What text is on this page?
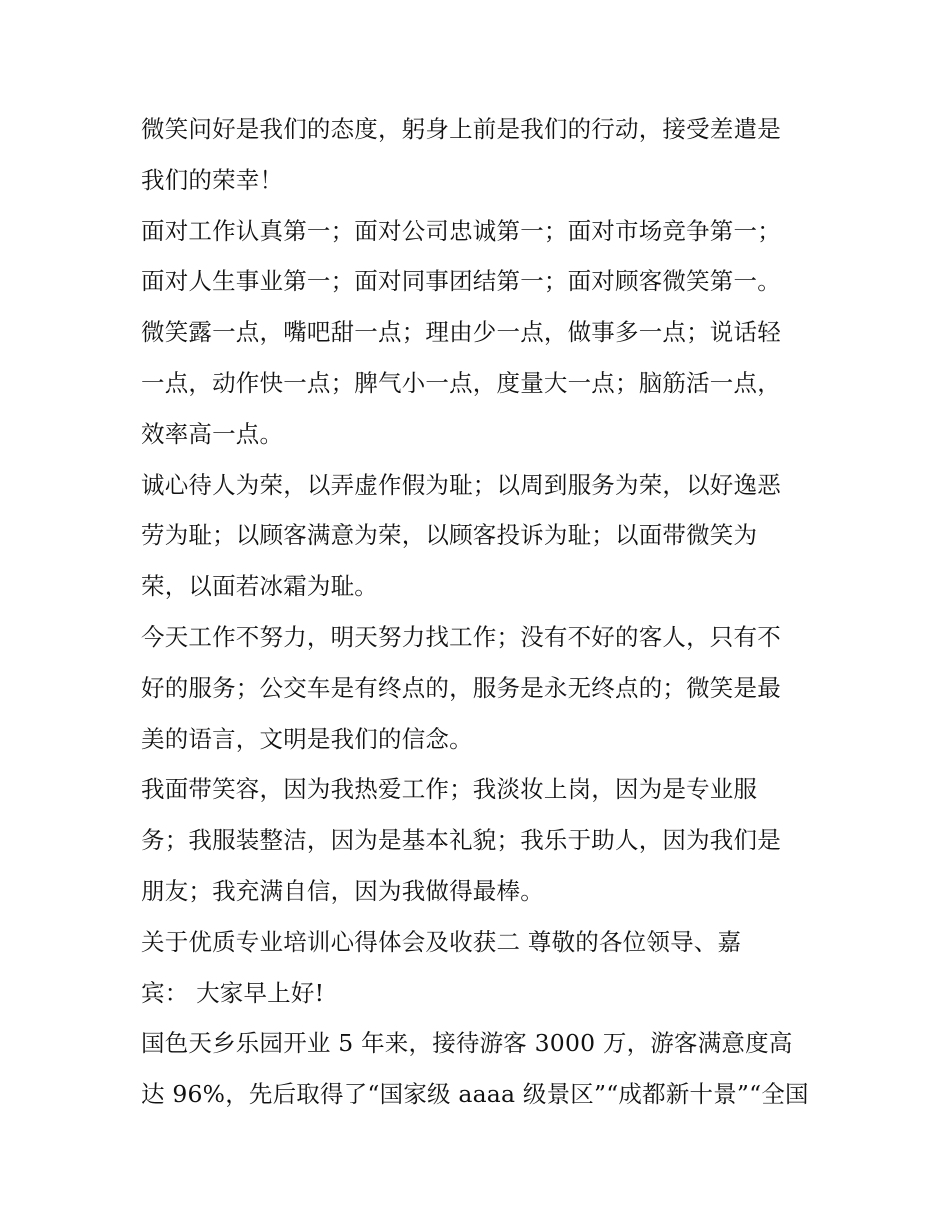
微笑问好是我们的态度，躬身上前是我们的行动，接受差遣是
我们的荣幸！
面对工作认真第一；面对公司忠诚第一；面对市场竞争第一；
面对人生事业第一；面对同事团结第一；面对顾客微笑第一。
微笑露一点，嘴吧甜一点；理由少一点，做事多一点；说话轻
一点，动作快一点；脾气小一点，度量大一点；脑筋活一点，
效率高一点。
诚心待人为荣，以弄虚作假为耻；以周到服务为荣，以好逸恶
劳为耻；以顾客满意为荣，以顾客投诉为耻；以面带微笑为
荣，以面若冰霜为耻。
今天工作不努力，明天努力找工作；没有不好的客人，只有不
好的服务；公交车是有终点的，服务是永无终点的；微笑是最
美的语言，文明是我们的信念。
我面带笑容，因为我热爱工作；我淡妆上岗，因为是专业服
务；我服装整洁，因为是基本礼貌；我乐于助人，因为我们是
朋友；我充满自信，因为我做得最棒。
关于优质专业培训心得体会及收获二 尊敬的各位领导、嘉
宾： 大家早上好!
国色天乡乐园开业 5 年来，接待游客 3000 万，游客满意度高
达 96%，先后取得了“国家级 aaaa 级景区”“成都新十景”“全国
